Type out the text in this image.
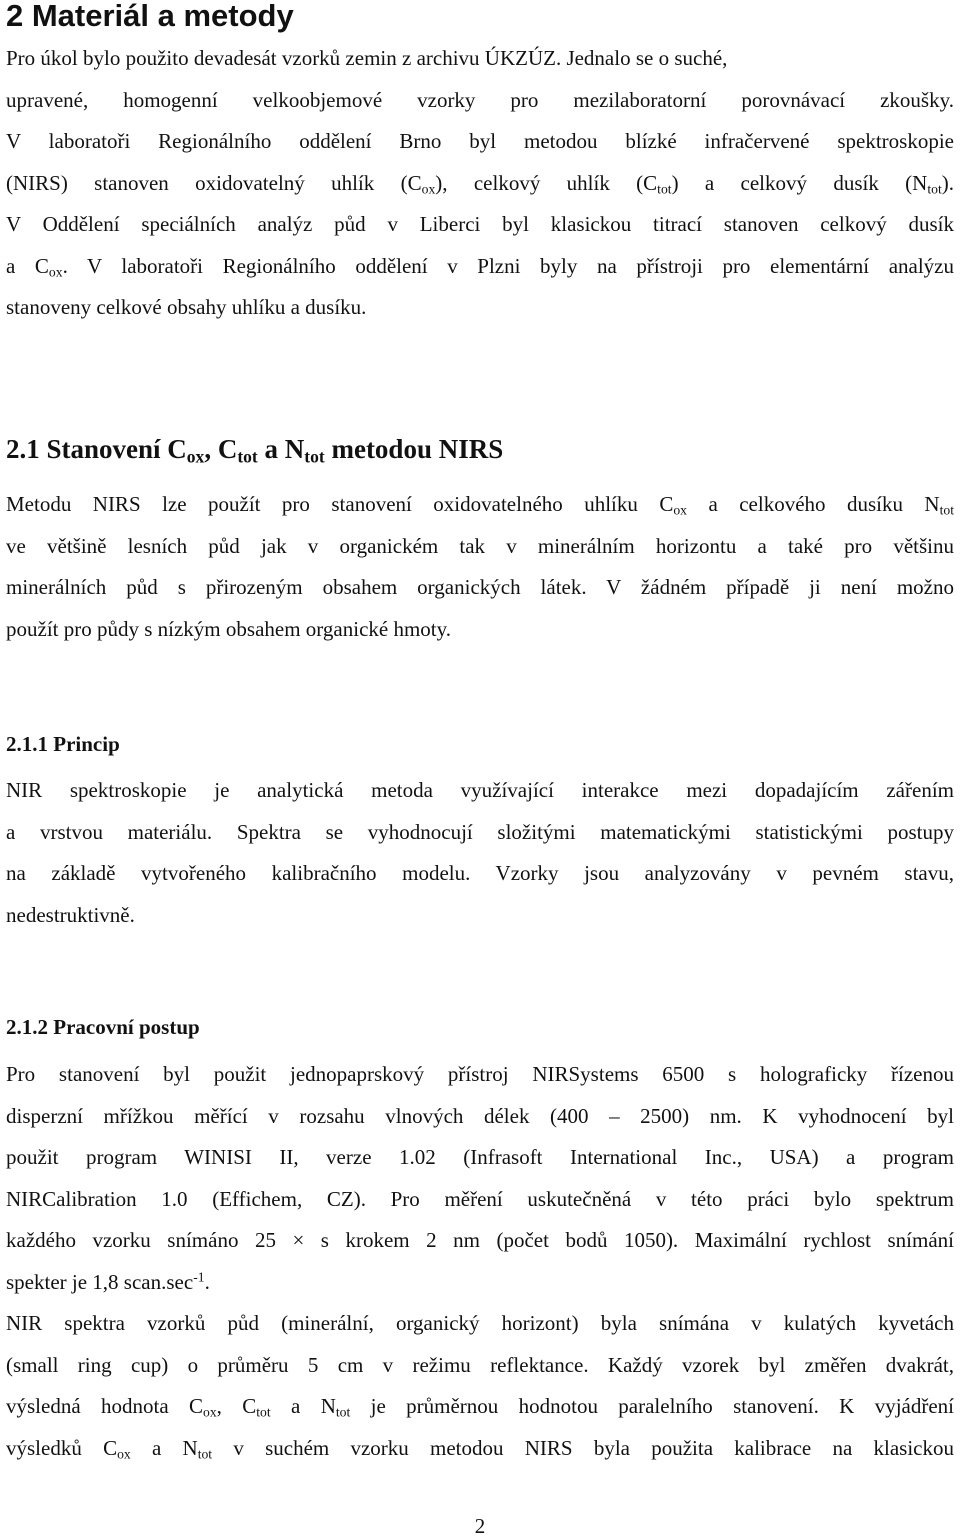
2 Materiál a metody
Pro úkol bylo použito devadesát vzorků zemin z archivu ÚKZÚZ. Jednalo se o suché,
upravené, homogenní velkoobjemové vzorky pro mezilaboratorní porovnávací zkoušky.
V laboratoři Regionálního oddělení Brno byl metodou blízké infračervené spektroskopie
(NIRS) stanoven oxidovatelný uhlík $(C_{ox})$, celkový uhlík $(C_{tot})$ a celkový dusík $(N_{tot})$.
V Oddělení speciálních analýz půd v Liberci byl klasickou titrací stanoven celkový dusík
a $C_{ox}$. V laboratoři Regionálního oddělení v Plzni byly na přístroji pro elementární analýzu
stanoveny celkové obsahy uhlíku a dusíku.
2.1 Stanovení $C_{ox}$, $C_{tot}$ a $N_{tot}$ metodou NIRS
Metodu NIRS lze použít pro stanovení oxidovatelného uhlíku $C_{ox}$ a celkového dusíku $N_{tot}$
ve většině lesních půd jak v organickém tak v minerálním horizontu a také pro většinu
minerálních půd s přirozeným obsahem organických látek. V žádném případě ji není možno
použít pro půdy s nízkým obsahem organické hmoty.
2.1.1 Princip
NIR spektroskopie je analytická metoda využívající interakce mezi dopadajícím zářením
a vrstvou materiálu. Spektra se vyhodnocují složitými matematickými statistickými postupy
na základě vytvořeného kalibračního modelu. Vzorky jsou analyzovány v pevném stavu,
nedestruktivně.
2.1.2 Pracovní postup
Pro stanovení byl použit jednopaprskový přístroj NIRSystems 6500 s holograficky řízenou
disperzní mřížkou měřící v rozsahu vlnových délek (400 – 2500) nm. K vyhodnocení byl
použit program WINISI II, verze 1.02 (Infrasoft International Inc., USA) a program
NIRCalibration 1.0 (Effichem, CZ). Pro měření uskutečněná v této práci bylo spektrum
každého vzorku snímáno 25 × s krokem 2 nm (počet bodů 1050). Maximální rychlost snímání
spekter je 1,8 $scan.\sec^{-1}$.
NIR spektra vzorků půd (minerální, organický horizont) byla snímána v kulatých kyvetách
(small ring cup) o průměru 5 cm v režimu reflektance. Každý vzorek byl změřen dvakrát,
výsledná hodnota $C_{ox}$, $C_{tot}$ a $N_{tot}$ je průměrnou hodnotou paralelního stanovení. K vyjádření
výsledků $C_{ox}$ a $N_{tot}$ v suchém vzorku metodou NIRS byla použita kalibrace na klasickou
2
